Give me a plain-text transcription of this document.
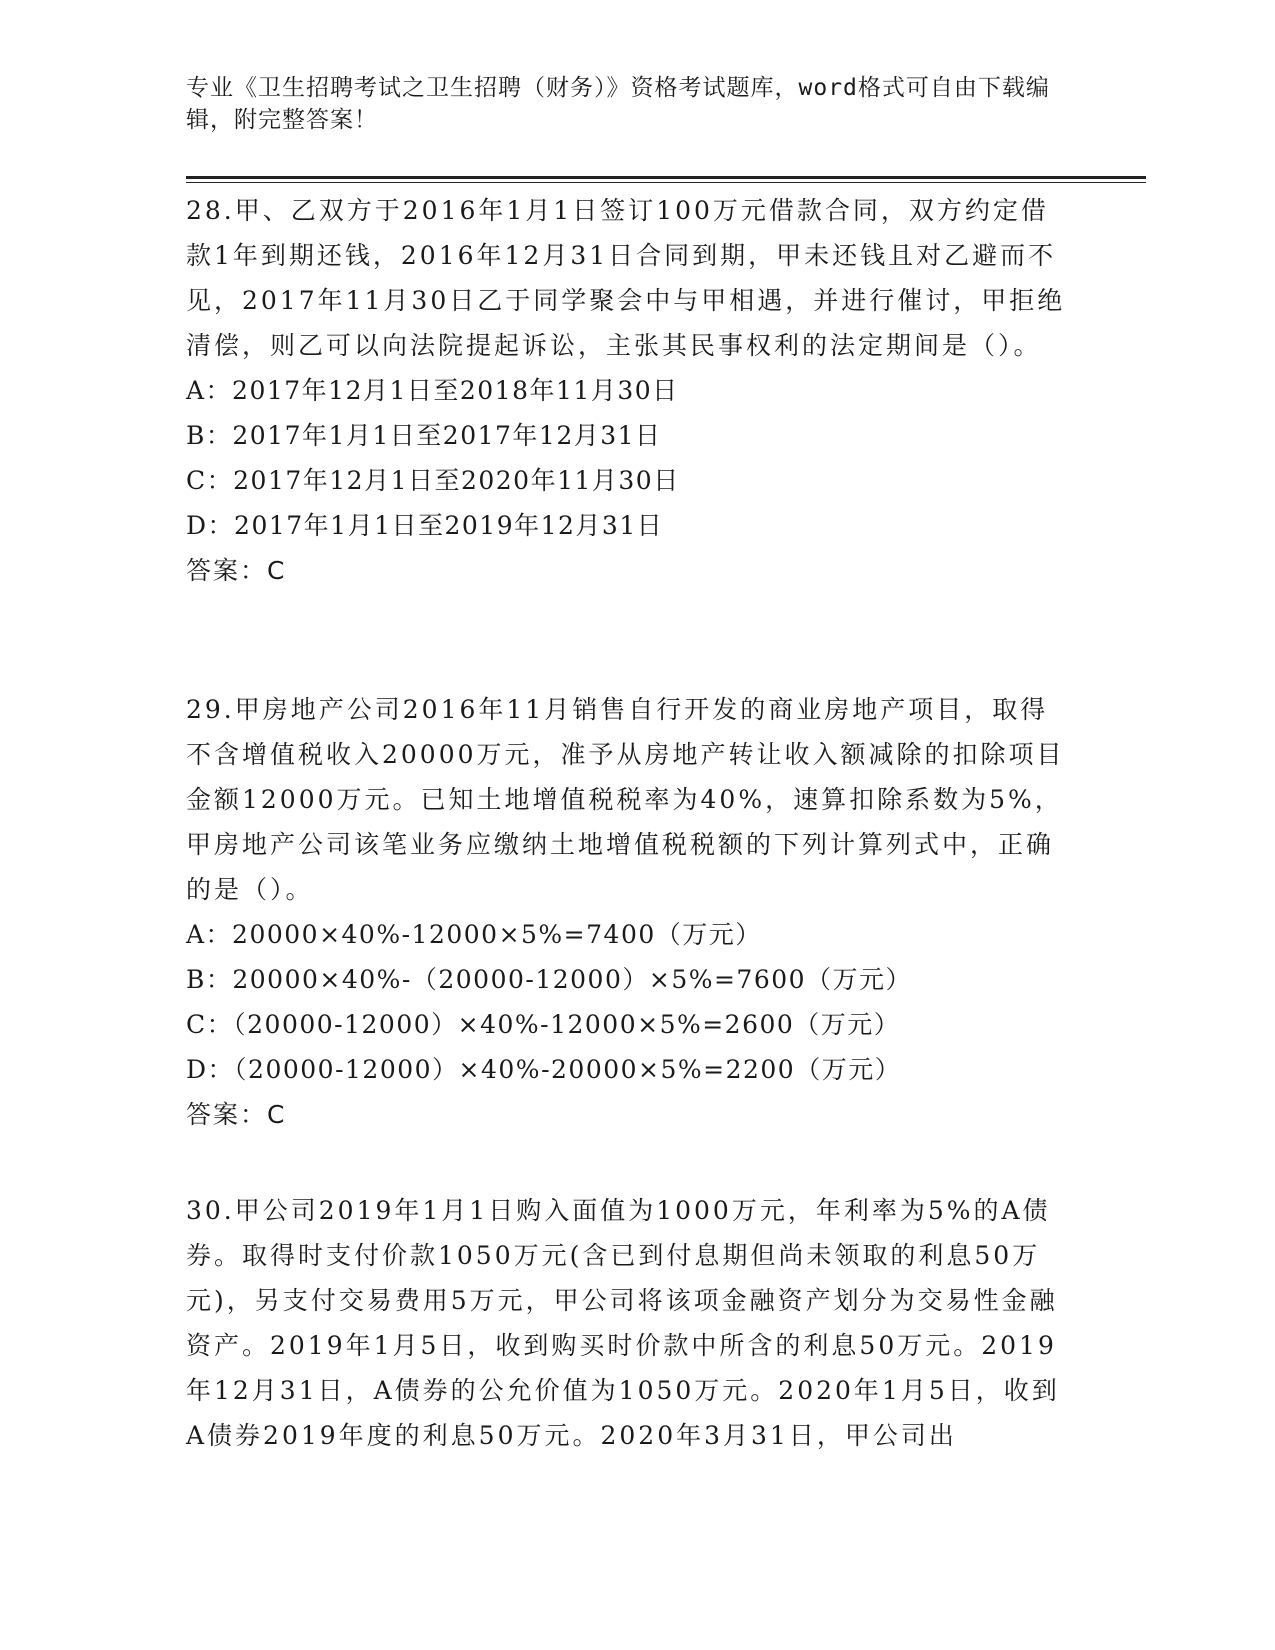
专业《卫生招聘考试之卫生招聘（财务）》资格考试题库，word格式可自由下载编辑，附完整答案！
28.甲、乙双方于2016年1月1日签订100万元借款合同，双方约定借款1年到期还钱，2016年12月31日合同到期，甲未还钱且对乙避而不见，2017年11月30日乙于同学聚会中与甲相遇，并进行催讨，甲拒绝清偿，则乙可以向法院提起诉讼，主张其民事权利的法定期间是（）。
A：2017年12月1日至2018年11月30日
B：2017年1月1日至2017年12月31日
C：2017年12月1日至2020年11月30日
D：2017年1月1日至2019年12月31日
答案：C
29.甲房地产公司2016年11月销售自行开发的商业房地产项目，取得不含增值税收入20000万元，准予从房地产转让收入额减除的扣除项目金额12000万元。已知土地增值税税率为40%，速算扣除系数为5%，甲房地产公司该笔业务应缴纳土地增值税税额的下列计算列式中，正确的是（）。
A：20000×40%-12000×5%=7400（万元）
B：20000×40%-（20000-12000）×5%=7600（万元）
C：（20000-12000）×40%-12000×5%=2600（万元）
D：（20000-12000）×40%-20000×5%=2200（万元）
答案：C
30.甲公司2019年1月1日购入面值为1000万元，年利率为5%的A债券。取得时支付价款1050万元(含已到付息期但尚未领取的利息50万元)，另支付交易费用5万元，甲公司将该项金融资产划分为交易性金融资产。2019年1月5日，收到购买时价款中所含的利息50万元。2019年12月31日，A债券的公允价值为1050万元。2020年1月5日，收到A债券2019年度的利息50万元。2020年3月31日，甲公司出
